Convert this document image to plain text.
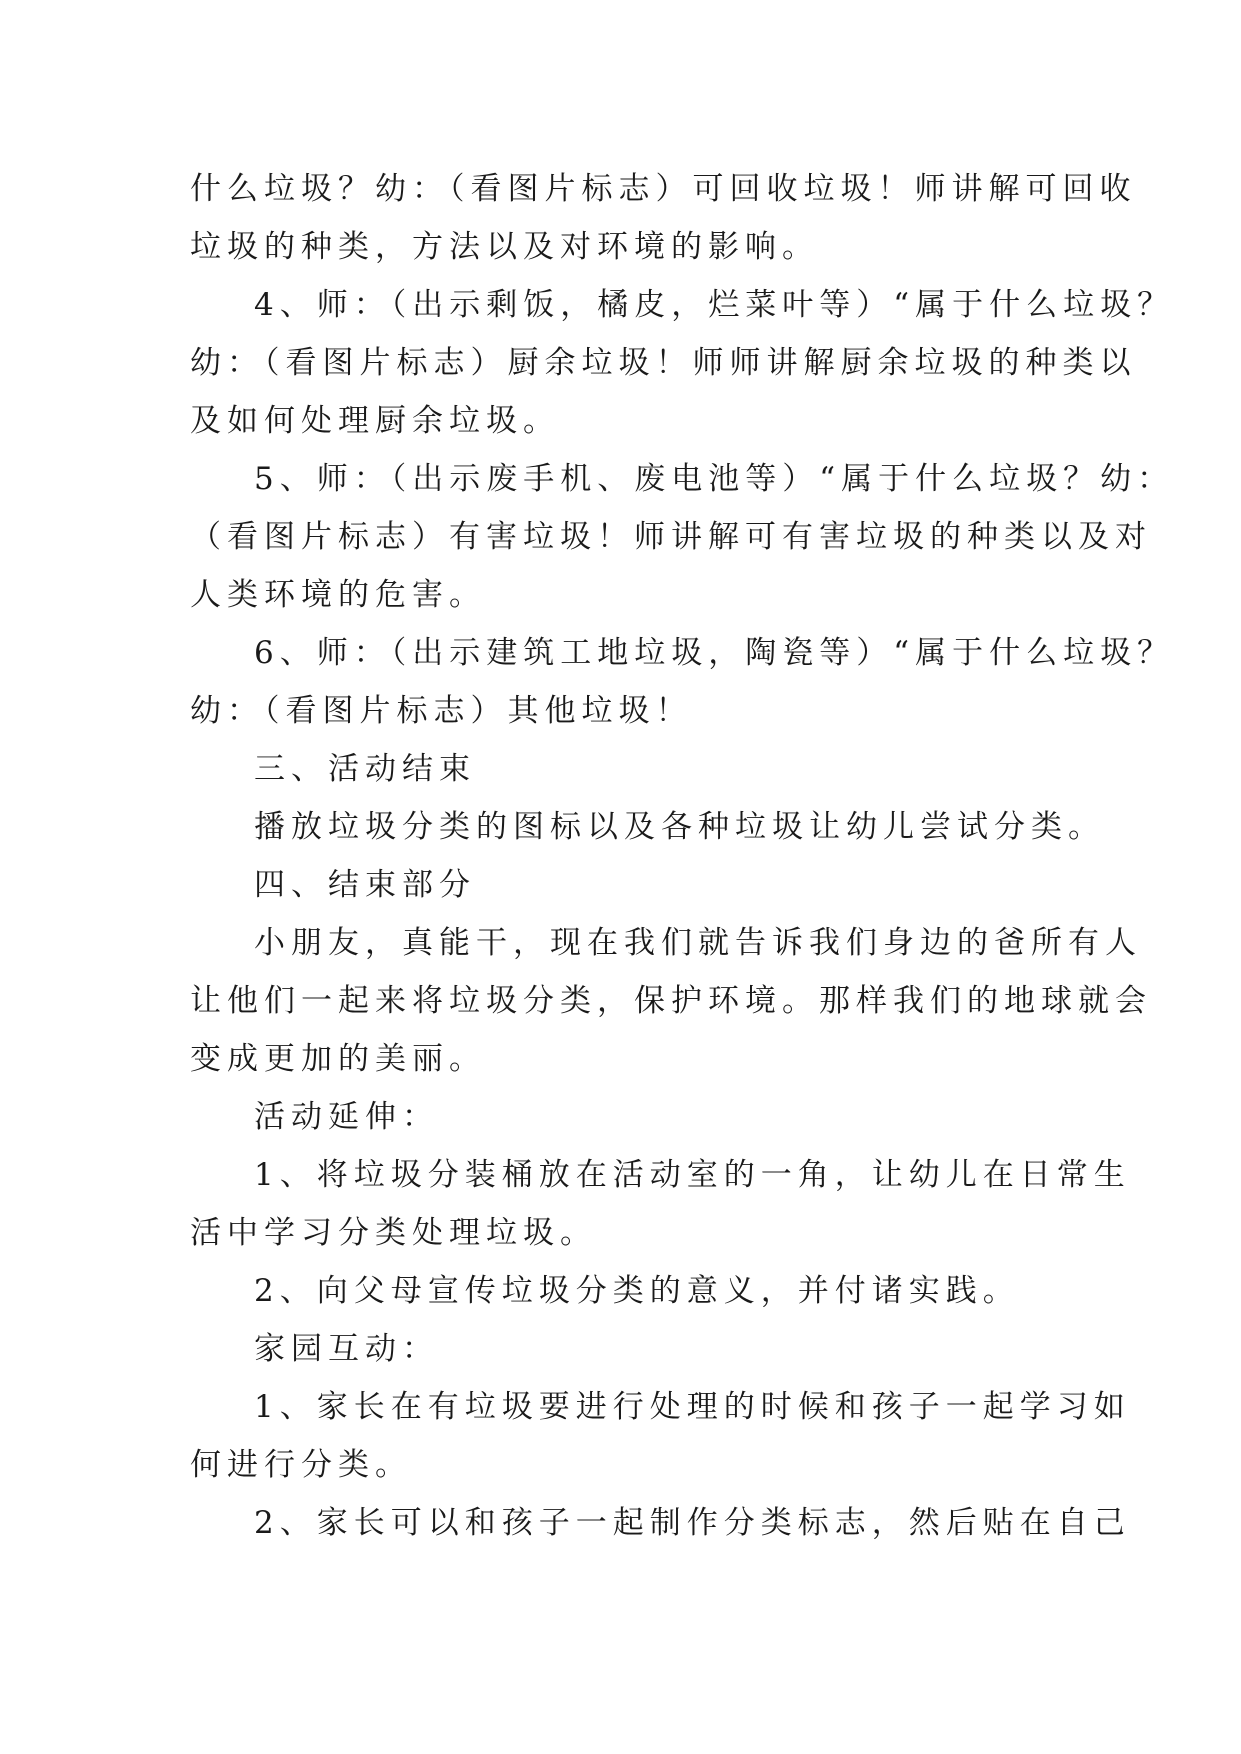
什么垃圾？幼：（看图片标志）可回收垃圾！师讲解可回收
垃圾的种类，方法以及对环境的影响。
4、师：（出示剩饭，橘皮，烂菜叶等）“属于什么垃圾？
幼：（看图片标志）厨余垃圾！师师讲解厨余垃圾的种类以
及如何处理厨余垃圾。
5、师：（出示废手机、废电池等）“属于什么垃圾？幼：
（看图片标志）有害垃圾！师讲解可有害垃圾的种类以及对
人类环境的危害。
6、师：（出示建筑工地垃圾，陶瓷等）“属于什么垃圾？
幼：（看图片标志）其他垃圾！
三、活动结束
播放垃圾分类的图标以及各种垃圾让幼儿尝试分类。
四、结束部分
小朋友，真能干，现在我们就告诉我们身边的爸所有人
让他们一起来将垃圾分类，保护环境。那样我们的地球就会
变成更加的美丽。
活动延伸：
1、将垃圾分装桶放在活动室的一角，让幼儿在日常生
活中学习分类处理垃圾。
2、向父母宣传垃圾分类的意义，并付诸实践。
家园互动：
1、家长在有垃圾要进行处理的时候和孩子一起学习如
何进行分类。
2、家长可以和孩子一起制作分类标志，然后贴在自己
